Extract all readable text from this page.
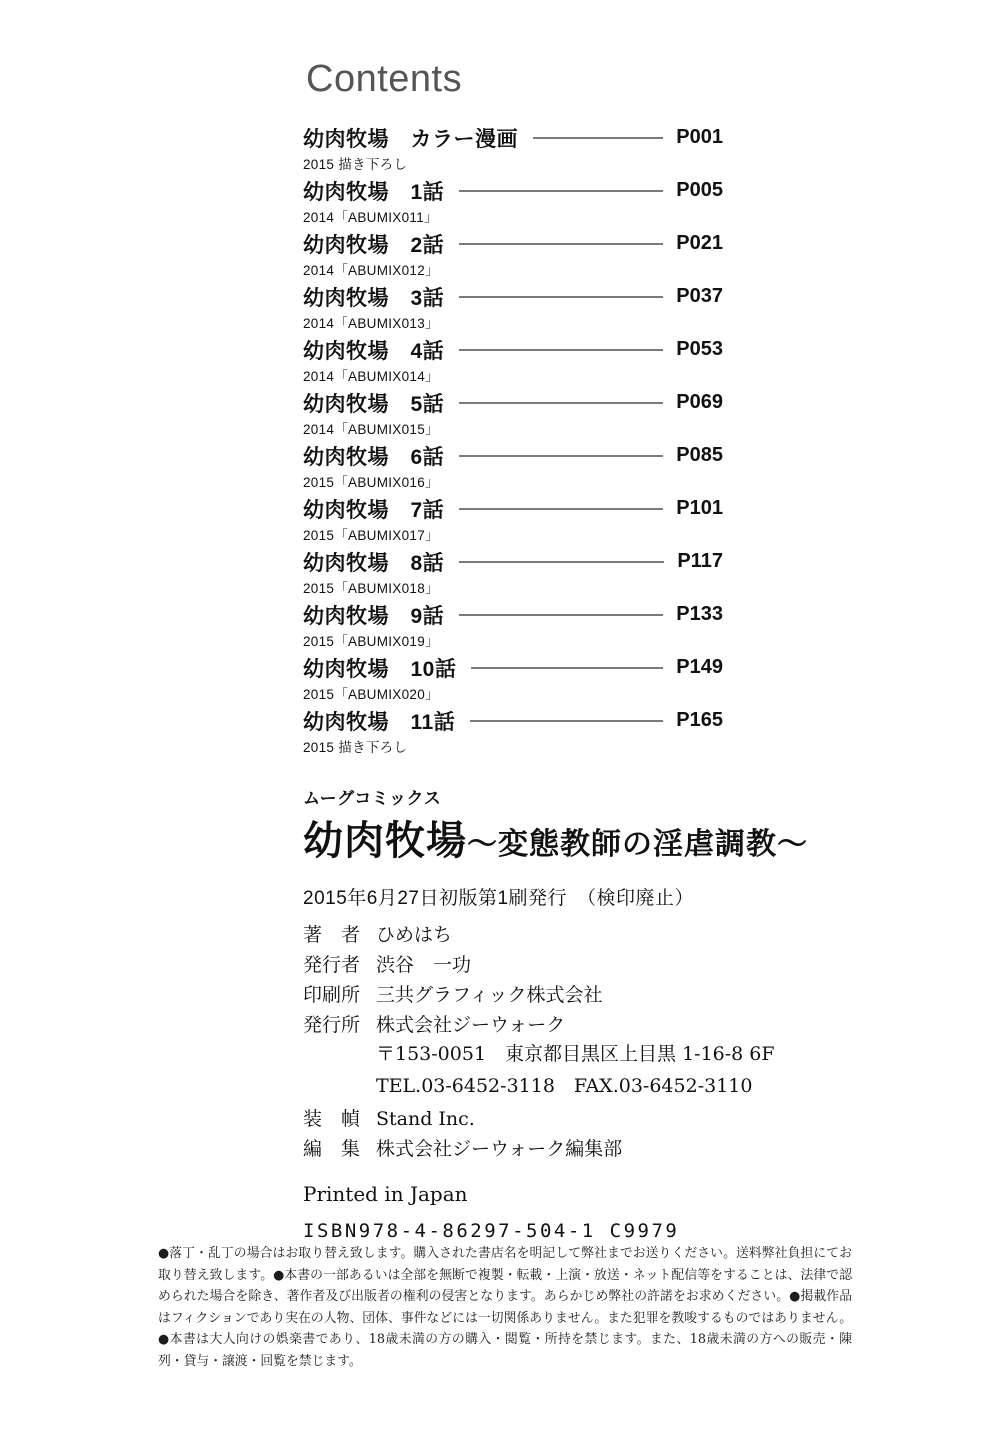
Contents
幼肉牧場　カラー漫画	P001
2015 描き下ろし
幼肉牧場　1話	P005
2014「ABUMIX011」
幼肉牧場　2話	P021
2014「ABUMIX012」
幼肉牧場　3話	P037
2014「ABUMIX013」
幼肉牧場　4話	P053
2014「ABUMIX014」
幼肉牧場　5話	P069
2014「ABUMIX015」
幼肉牧場　6話	P085
2015「ABUMIX016」
幼肉牧場　7話	P101
2015「ABUMIX017」
幼肉牧場　8話	P117
2015「ABUMIX018」
幼肉牧場　9話	P133
2015「ABUMIX019」
幼肉牧場　10話	P149
2015「ABUMIX020」
幼肉牧場　11話	P165
2015 描き下ろし
ムーグコミックス
幼肉牧場～変態教師の淫虐調教～
2015年6月27日初版第1刷発行　（検印廃止）
著　者 ひめはち
発行者 渋谷　一功
印刷所 三共グラフィック株式会社
発行所 株式会社ジーウォーク
〒153-0051　東京都目黒区上目黒 1-16-8 6F
TEL.03-6452-3118　FAX.03-6452-3110
装　幀 Stand Inc.
編　集 株式会社ジーウォーク編集部
Printed in Japan
ISBN978-4-86297-504-1 C9979
●落丁・乱丁の場合はお取り替え致します。購入された書店名を明記して弊社までお送りください。送料弊社負担にてお取り替え致します。●本書の一部あるいは全部を無断で複製・転載・上演・放送・ネット配信等をすることは、法律で認められた場合を除き、著作者及び出版者の権利の侵害となります。あらかじめ弊社の許諾をお求めください。●掲載作品はフィクションであり実在の人物、団体、事件などには一切関係ありません。また犯罪を教唆するものではありません。●本書は大人向けの娯楽書であり、18歳未満の方の購入・閲覧・所持を禁じます。また、18歳未満の方への販売・陳列・貸与・譲渡・回覧を禁じます。
